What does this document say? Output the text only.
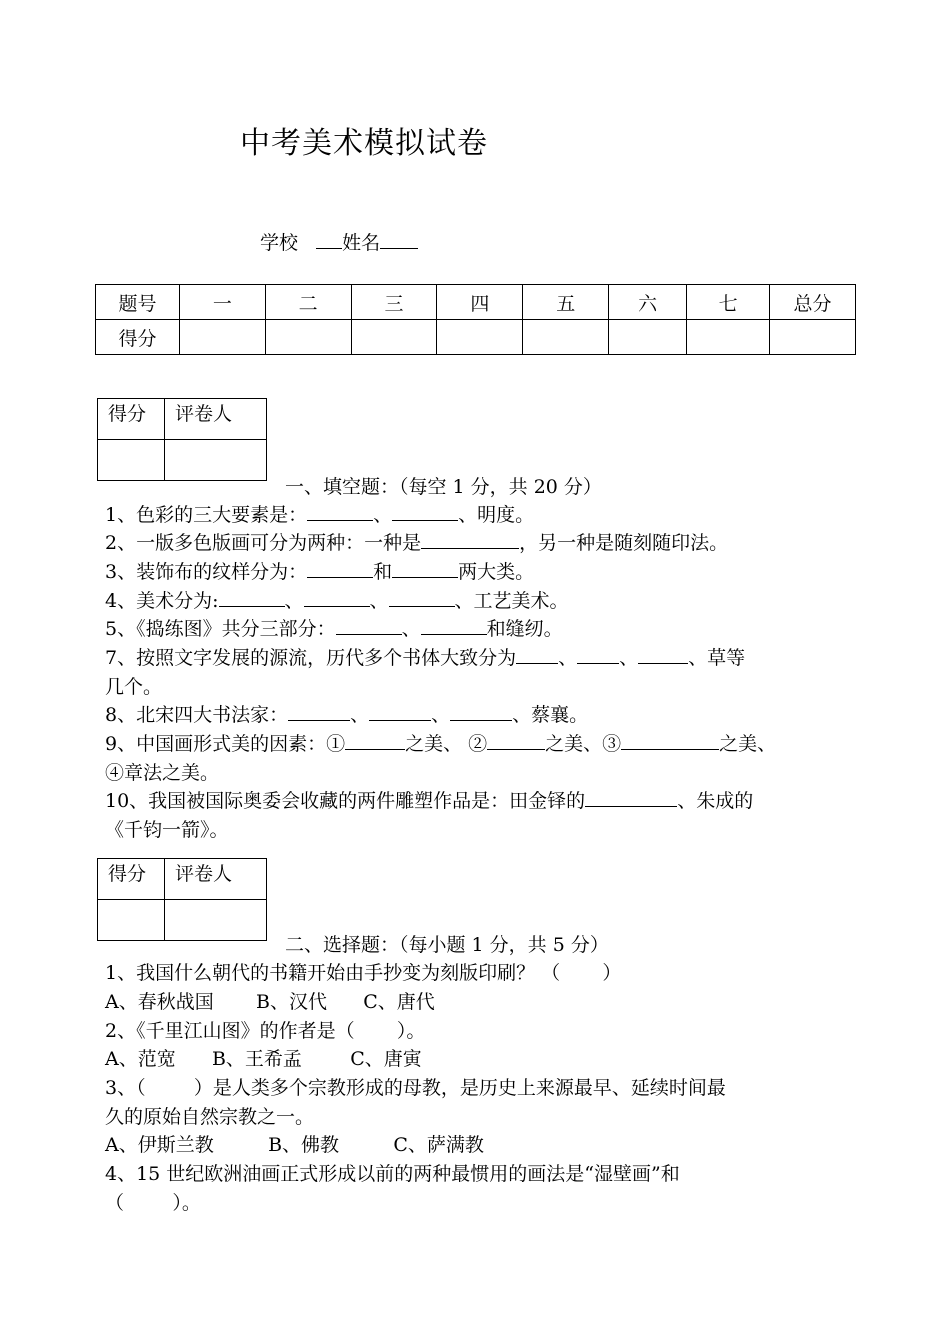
中考美术模拟试卷
学校 姓名
题号	一	二	三	四	五	六	七	总分
得分								
得分	评卷人

一、填空题：（每空 1 分，共 20 分）
1、色彩的三大要素是：	、	、明度。
2、一版多色版画可分为两种：一种是	，另一种是随刻随印法。
3、装饰布的纹样分为：	和	两大类。
4、美术分为:	、	、	、工艺美术。
5、《捣练图》共分三部分：	、	和缝纫。
7、按照文字发展的源流，历代多个书体大致分为 、 、	、草等
几个。
8、北宋四大书法家：	、	、	、蔡襄。
9、中国画形式美的因素：①	之美、 ②	之美、③	之美、
④章法之美。
10、我国被国际奥委会收藏的两件雕塑作品是：田金铎的	、朱成的
《千钧一箭》。
得分	评卷人

二、选择题：（每小题 1 分，共 5 分）
1、我国什么朝代的书籍开始由手抄变为刻版印刷？ （       ）
A、春秋战国       B、汉代      C、唐代
2、《千里江山图》的作者是（       ）。
A、范宽      B、王希孟        C、唐寅
3、（        ）是人类多个宗教形成的母教，是历史上来源最早、延续时间最
久的原始自然宗教之一。
A、伊斯兰教         B、佛教         C、萨满教
4、15 世纪欧洲油画正式形成以前的两种最惯用的画法是“湿壁画”和
（        ）。
